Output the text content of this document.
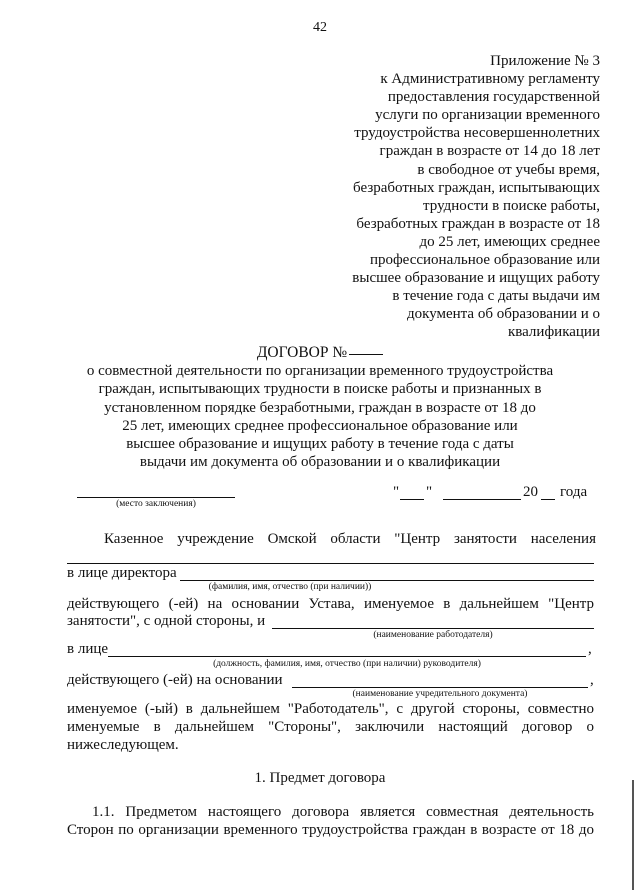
42
Приложение № 3
к Административному регламенту
предоставления государственной
услуги по организации временного
трудоустройства несовершеннолетних
граждан в возрасте от 14 до 18 лет
в свободное от учебы время,
безработных граждан, испытывающих
трудности в поиске работы,
безработных граждан в возрасте от 18
до 25 лет, имеющих среднее
профессиональное образование или
высшее образование и ищущих работу
в течение года с даты выдачи им
документа об образовании и о
квалификации
ДОГОВОР №
о совместной деятельности по организации временного трудоустройства
граждан, испытывающих трудности в поиске работы и признанных в
установленном порядке безработными, граждан в возрасте от 18 до
25 лет, имеющих среднее профессиональное образование или
высшее образование и ищущих работу в течение года с даты
выдачи им документа об образовании и о квалификации
(место заключения)
" "	20 года
Казенное учреждение Омской области "Центр занятости населения
в лице директора
(фамилия, имя, отчество (при наличии))
действующего (-ей) на основании Устава, именуемое в дальнейшем "Центр
занятости", с одной стороны, и
(наименование работодателя)
в лице	,
(должность, фамилия, имя, отчество (при наличии) руководителя)
действующего (-ей) на основании	,
(наименование учредительного документа)
именуемое (-ый) в дальнейшем "Работодатель", с другой стороны, совместно
именуемые в дальнейшем "Стороны", заключили настоящий договор о
нижеследующем.
1. Предмет договора
1.1. Предметом настоящего договора является совместная деятельность
Сторон по организации временного трудоустройства граждан в возрасте от 18 до
